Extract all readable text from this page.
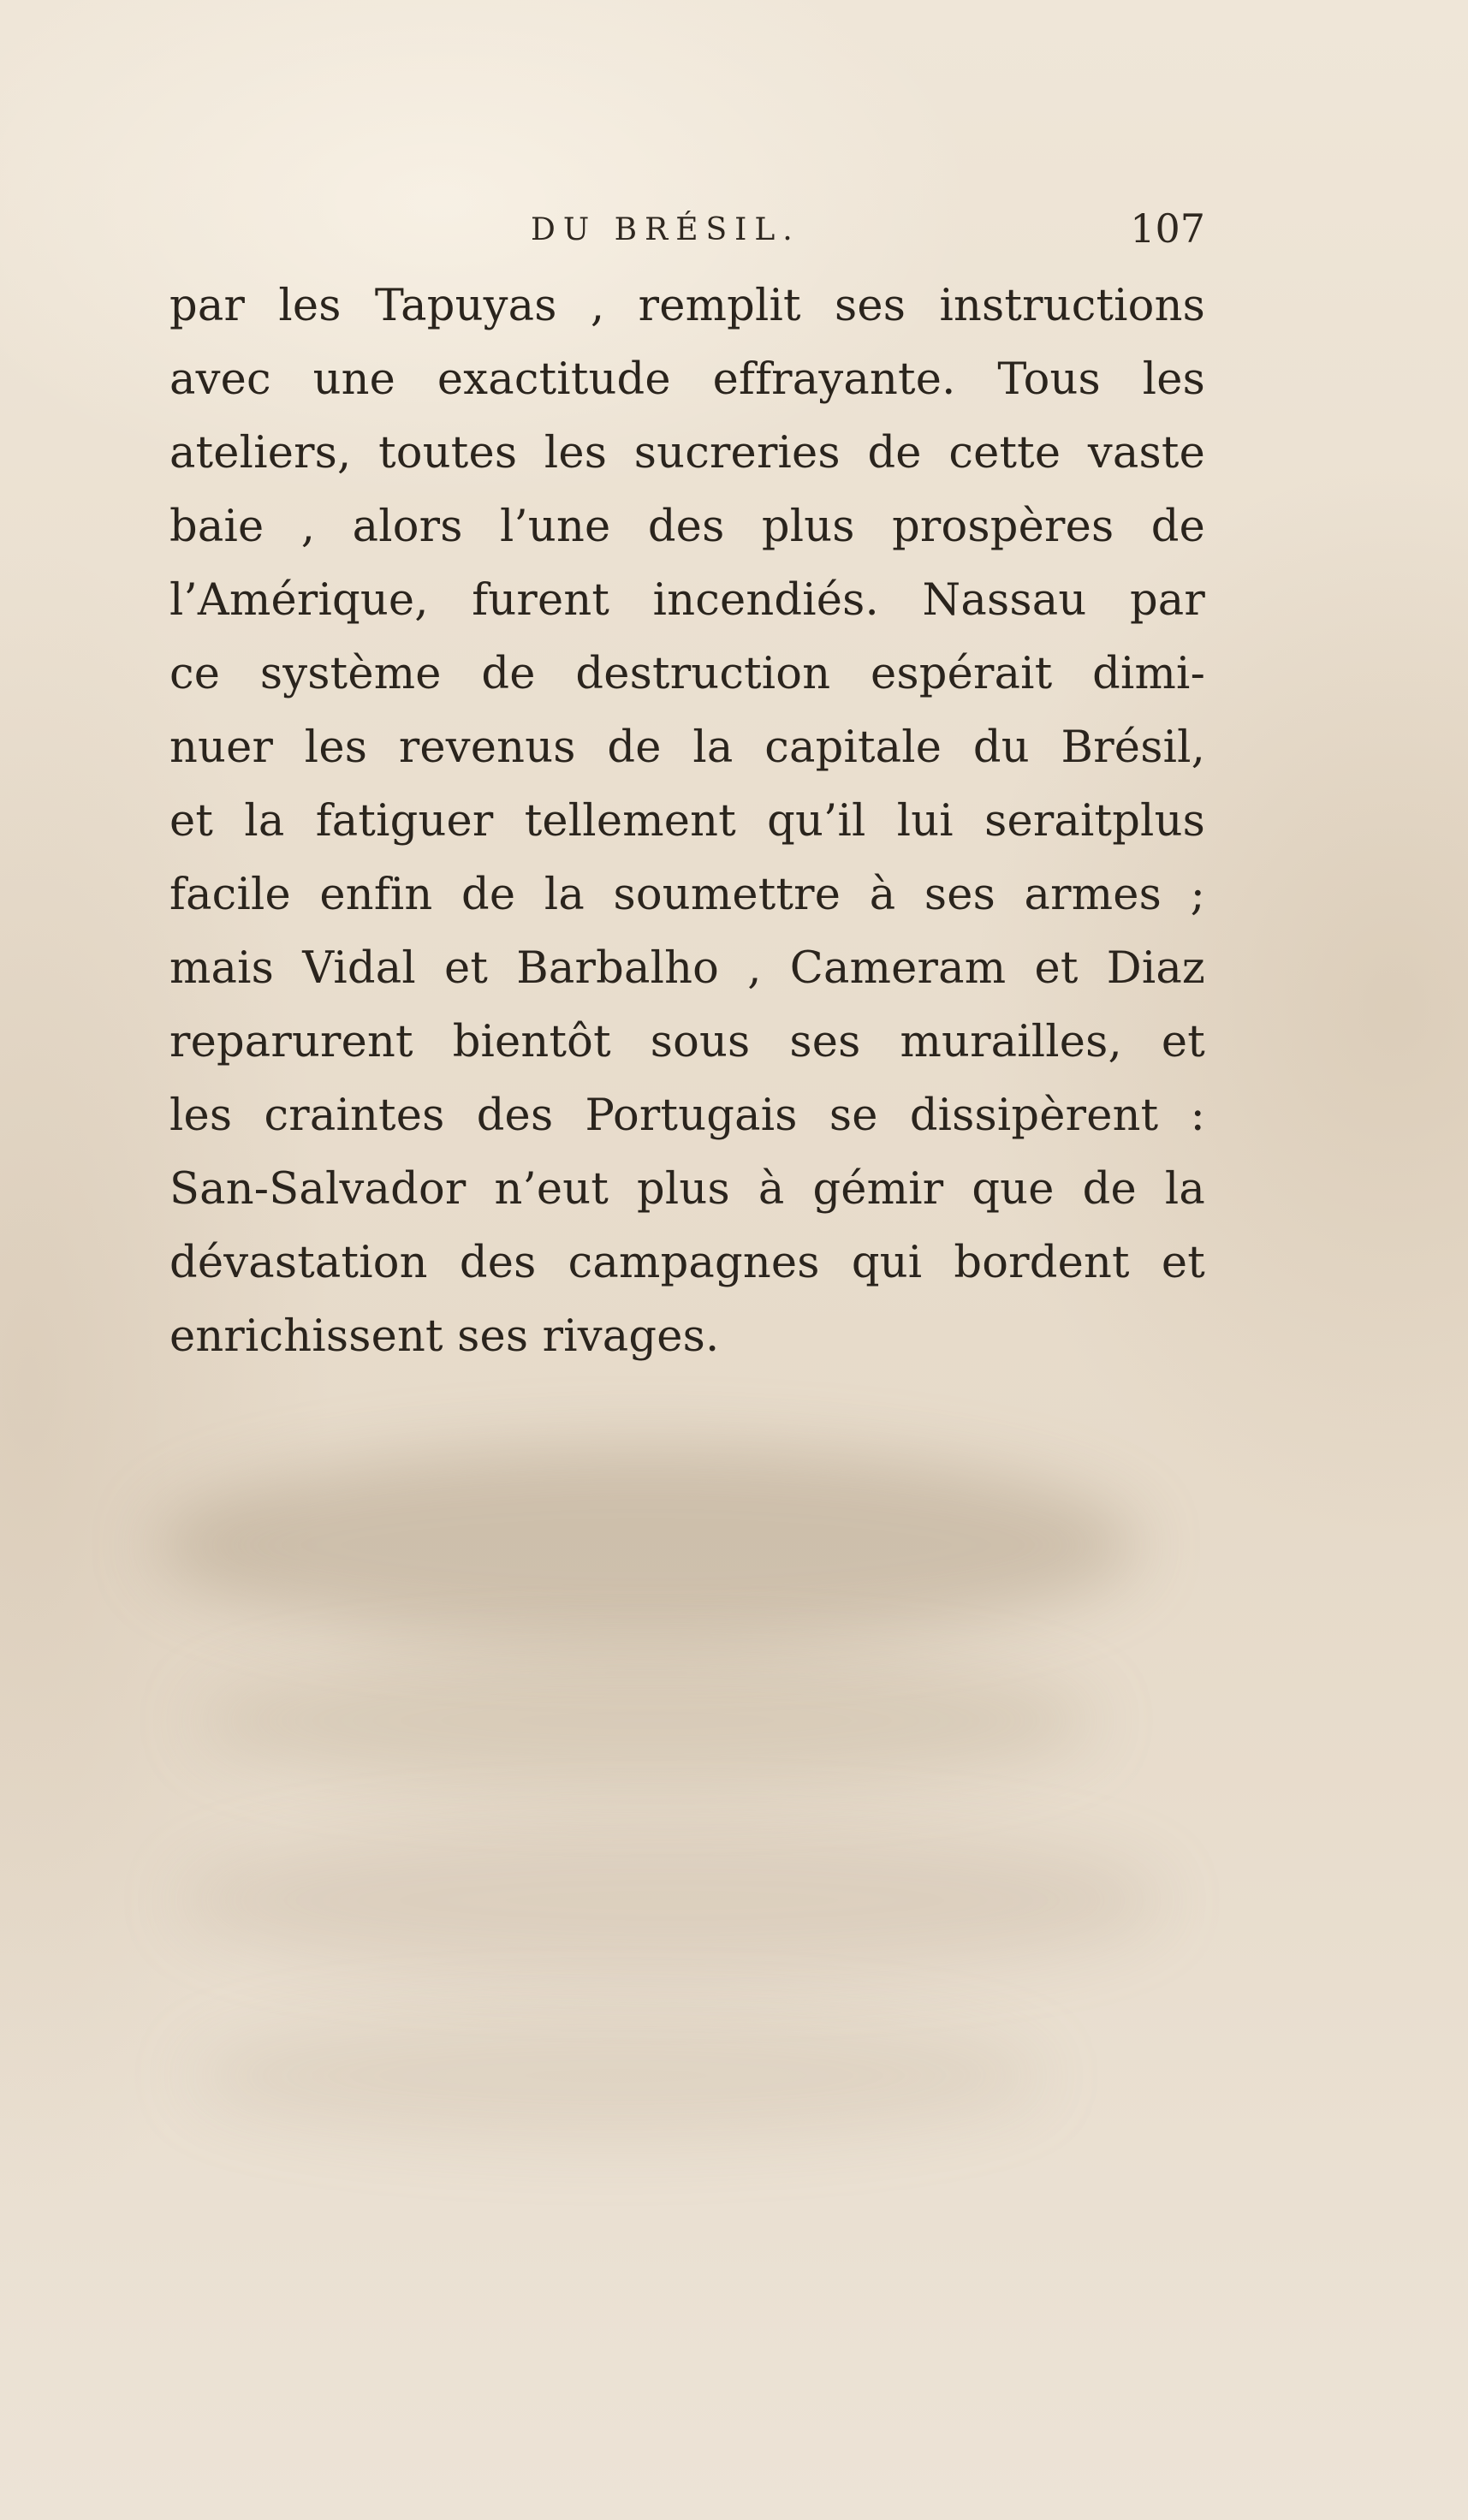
DU BRÉSIL.	107
par les Tapuyas , remplit ses instructions
avec une exactitude effrayante. Tous les
ateliers, toutes les sucreries de cette vaste
baie , alors l’une des plus prospères de
l’Amérique, furent incendiés. Nassau par
ce système de destruction espérait dimi-
nuer les revenus de la capitale du Brésil,
et la fatiguer tellement qu’il lui seraitplus
facile enfin de la soumettre à ses armes ;
mais Vidal et Barbalho , Cameram et Diaz
reparurent bientôt sous ses murailles, et
les craintes des Portugais se dissipèrent :
San-Salvador n’eut plus à gémir que de la
dévastation des campagnes qui bordent et
enrichissent ses rivages.
